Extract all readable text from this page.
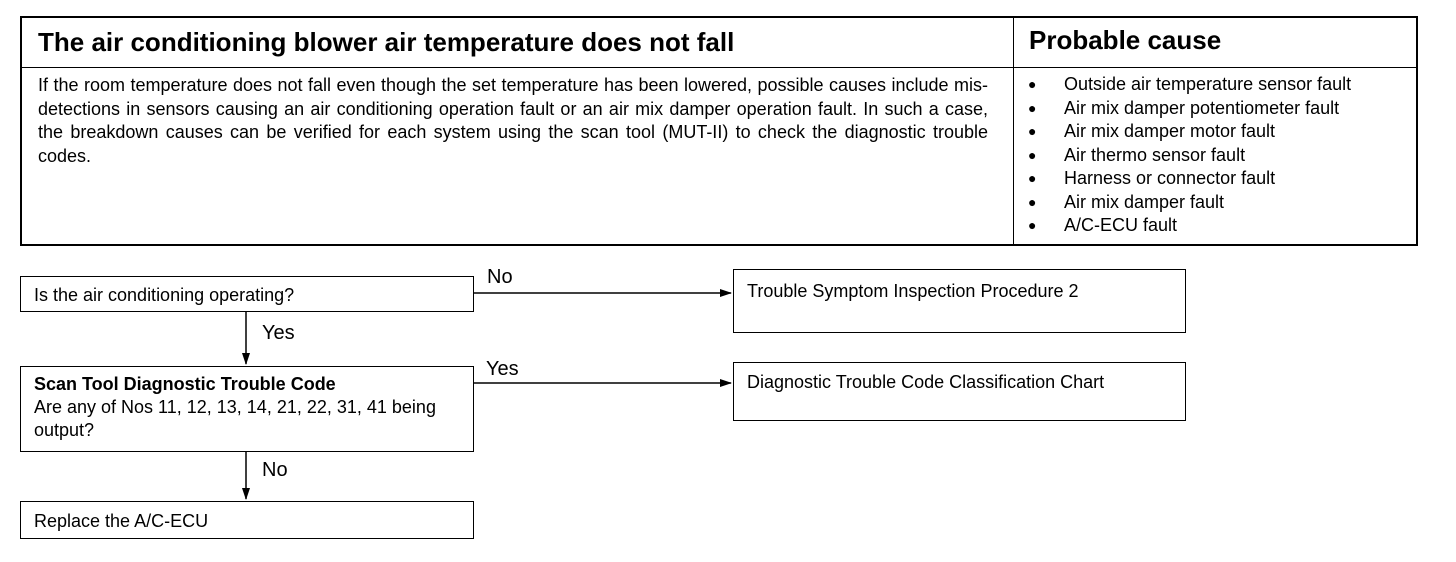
The air conditioning blower air temperature does not fall	Probable cause
If the room temperature does not fall even though the set temperature has been lowered, possible causes include mis-detections in sensors causing an air conditioning operation fault or an air mix damper operation fault. In such a case, the breakdown causes can be verified for each system using the scan tool (MUT-II) to check the diagnostic trouble codes.
●	Outside air temperature sensor fault
●	Air mix damper potentiometer fault
●	Air mix damper motor fault
●	Air thermo sensor fault
●	Harness or connector fault
●	Air mix damper fault
●	A/C-ECU fault
Is the air conditioning operating?	Trouble Symptom Inspection Procedure 2
Scan Tool Diagnostic Trouble Code
Are any of Nos 11, 12, 13, 14, 21, 22, 31, 41 being output?
Diagnostic Trouble Code Classification Chart
Replace the A/C-ECU
No
Yes
Yes
No
